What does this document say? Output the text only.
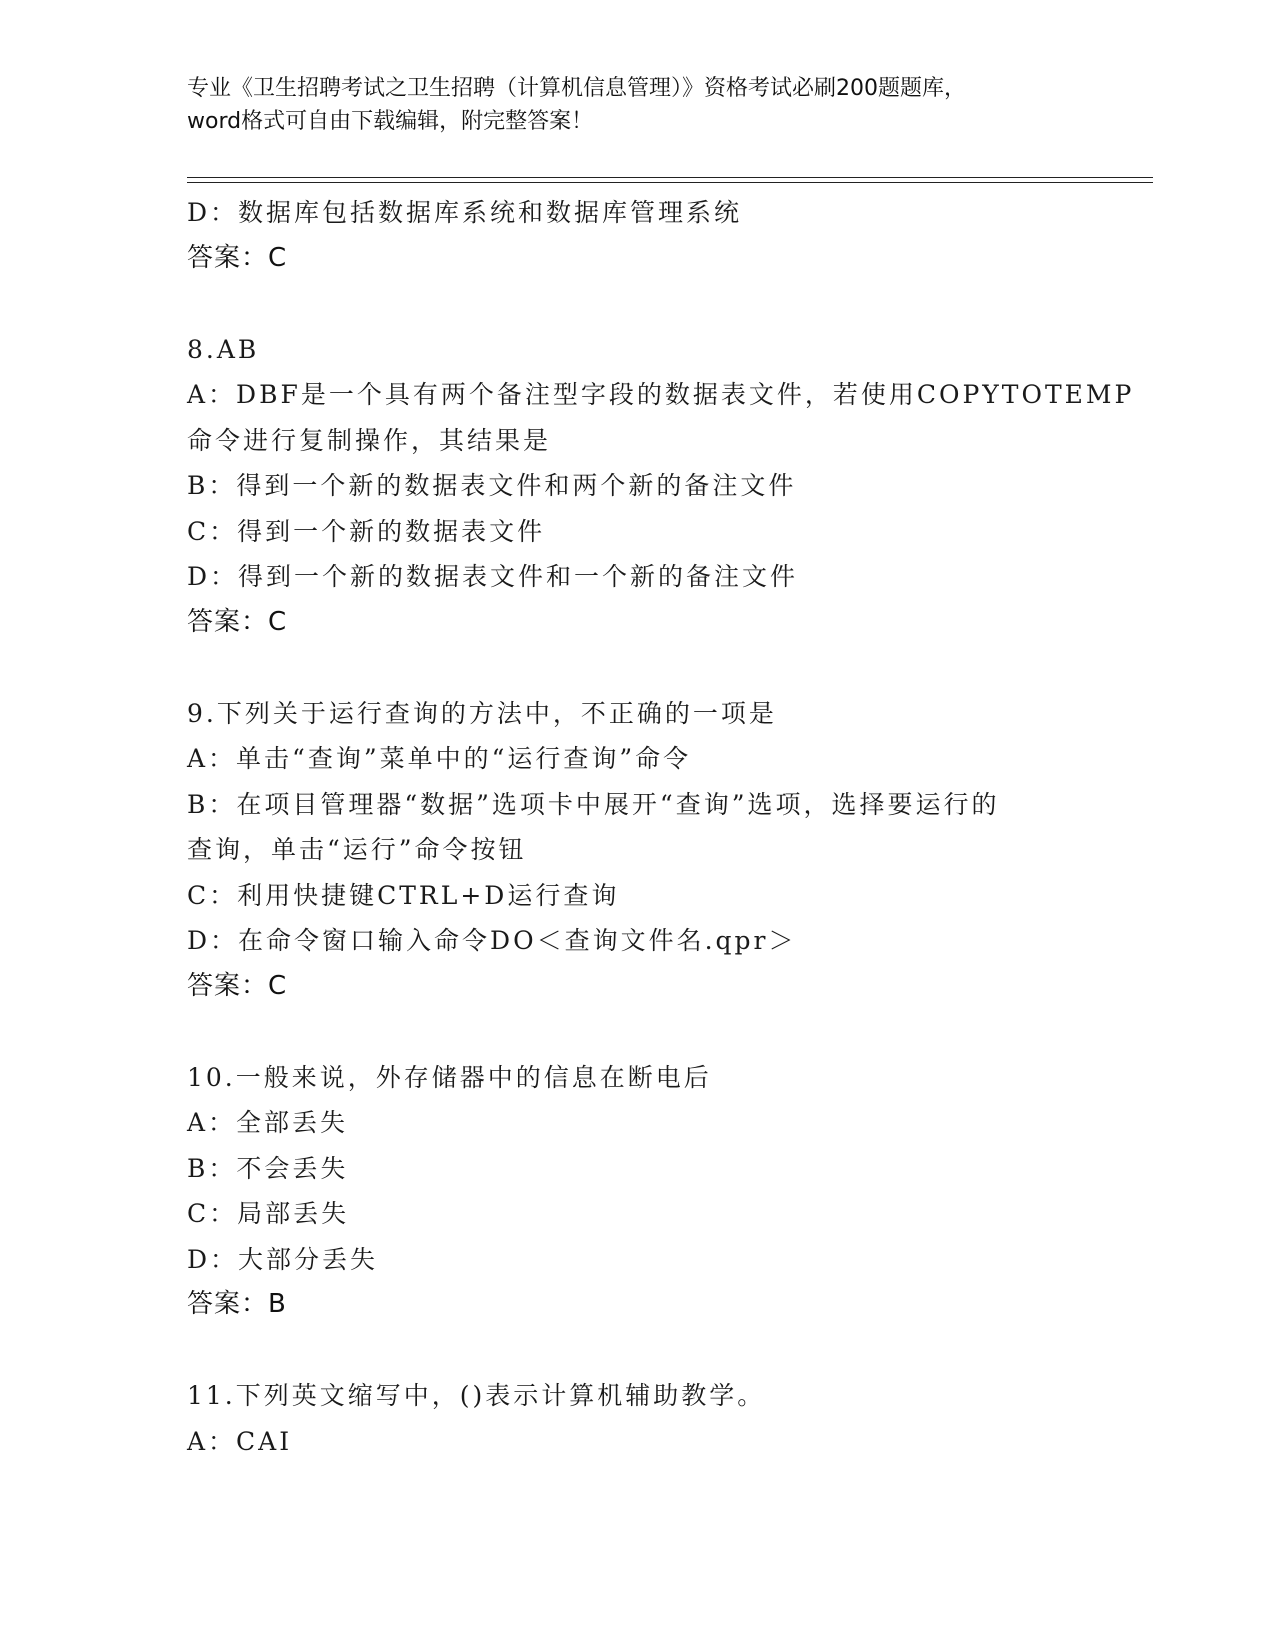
专业《卫生招聘考试之卫生招聘（计算机信息管理）》资格考试必刷200题题库，
word格式可自由下载编辑，附完整答案！
D：数据库包括数据库系统和数据库管理系统
答案：C
8.AB
A：DBF是一个具有两个备注型字段的数据表文件，若使用COPYTOTEMP
命令进行复制操作，其结果是
B：得到一个新的数据表文件和两个新的备注文件
C：得到一个新的数据表文件
D：得到一个新的数据表文件和一个新的备注文件
答案：C
9.下列关于运行查询的方法中，不正确的一项是
A：单击“查询”菜单中的“运行查询”命令
B：在项目管理器“数据”选项卡中展开“查询”选项，选择要运行的
查询，单击“运行”命令按钮
C：利用快捷键CTRL+D运行查询
D：在命令窗口输入命令DO＜查询文件名.qpr＞
答案：C
10.一般来说，外存储器中的信息在断电后
A：全部丢失
B：不会丢失
C：局部丢失
D：大部分丢失
答案：B
11.下列英文缩写中，()表示计算机辅助教学。
A：CAI
